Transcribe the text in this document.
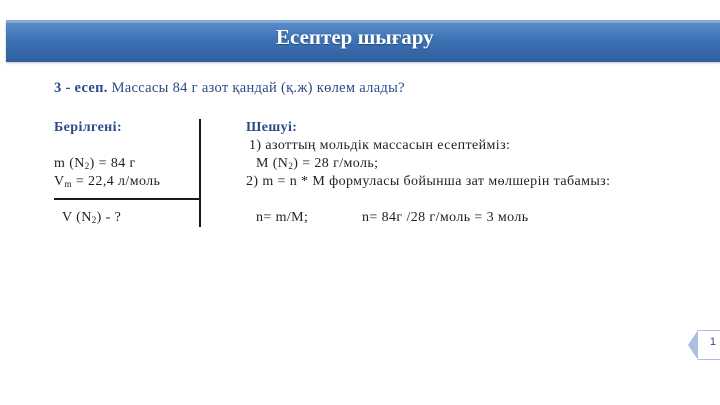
Есептер шығару
3 - есеп. Массасы 84 г азот қандай (қ.ж) көлем алады?
Берілгені:
m $(N_2) = 84$ г
$V_m = 22,4$ л/моль
V $(N_2)$ - ?
Шешуі:
1) азоттың мольдік массасын есептейміз:
M $(N_2) = 28$ г/моль;
2) m = n * M формуласы бойынша зат мөлшерін табамыз:
n= m/M;	n= 84г /28 г/моль = 3 моль
1
